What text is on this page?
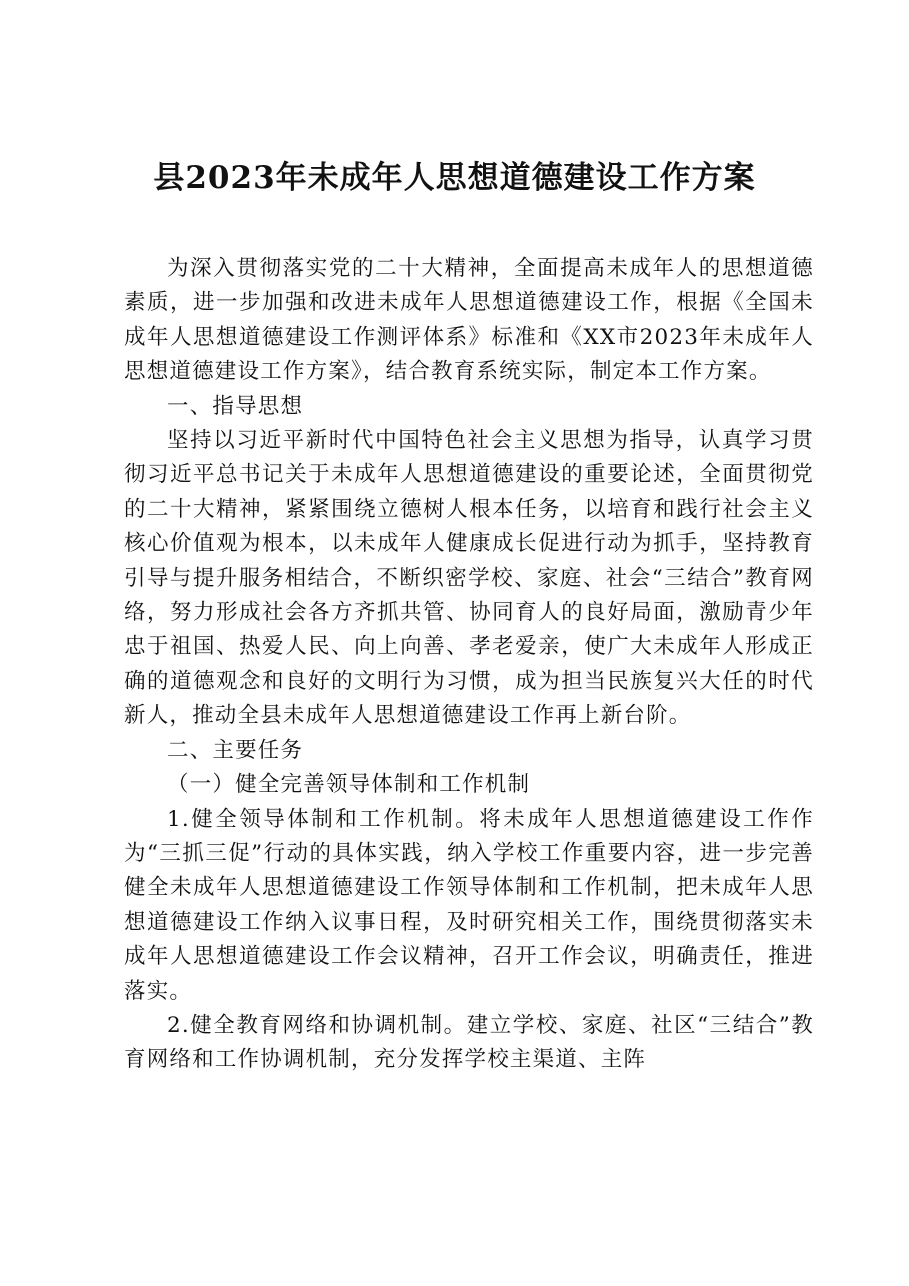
县2023年未成年人思想道德建设工作方案

为深入贯彻落实党的二十大精神，全面提高未成年人的思想道德素质，进一步加强和改进未成年人思想道德建设工作，根据《全国未成年人思想道德建设工作测评体系》标准和《XX市2023年未成年人思想道德建设工作方案》，结合教育系统实际，制定本工作方案。

一、指导思想

坚持以习近平新时代中国特色社会主义思想为指导，认真学习贯彻习近平总书记关于未成年人思想道德建设的重要论述，全面贯彻党的二十大精神，紧紧围绕立德树人根本任务，以培育和践行社会主义核心价值观为根本，以未成年人健康成长促进行动为抓手，坚持教育引导与提升服务相结合，不断织密学校、家庭、社会“三结合”教育网络，努力形成社会各方齐抓共管、协同育人的良好局面，激励青少年忠于祖国、热爱人民、向上向善、孝老爱亲，使广大未成年人形成正确的道德观念和良好的文明行为习惯，成为担当民族复兴大任的时代新人，推动全县未成年人思想道德建设工作再上新台阶。

二、主要任务

（一）健全完善领导体制和工作机制

1.健全领导体制和工作机制。将未成年人思想道德建设工作作为“三抓三促”行动的具体实践，纳入学校工作重要内容，进一步完善健全未成年人思想道德建设工作领导体制和工作机制，把未成年人思想道德建设工作纳入议事日程，及时研究相关工作，围绕贯彻落实未成年人思想道德建设工作会议精神，召开工作会议，明确责任，推进落实。

2.健全教育网络和协调机制。建立学校、家庭、社区“三结合”教育网络和工作协调机制，充分发挥学校主渠道、主阵
